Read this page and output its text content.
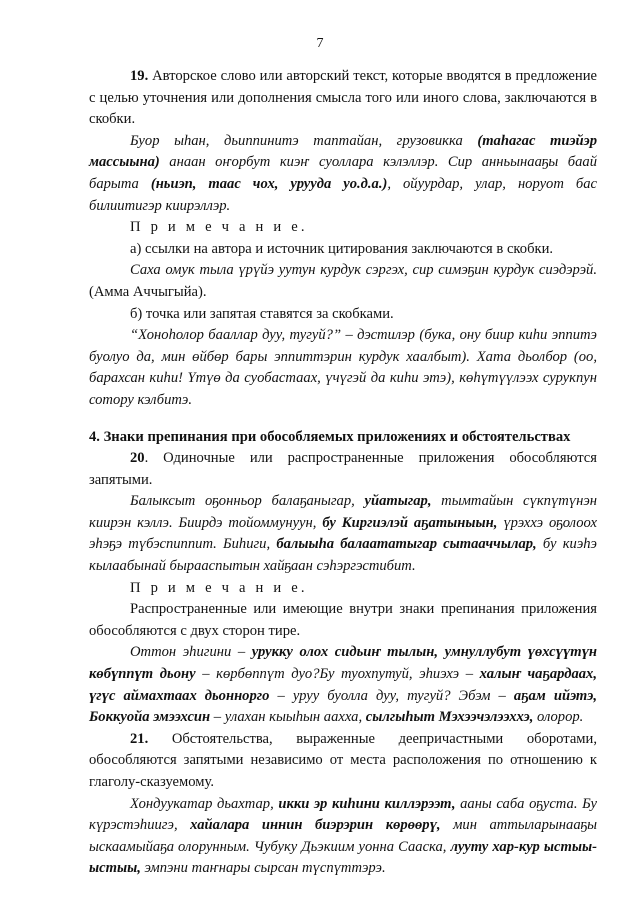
7

19. Авторское слово или авторский текст, которые вводятся в предложение с целью уточнения или дополнения смысла того или иного слова, заключаются в скобки.

Буор ыһан, дьиппинитэ таптайан, грузовикка (таһагас тиэйэр массыына) анаан оҥорбут киэҥ суоллара кэлэллэр. Сир анньынааҕы баай барыта (ньиэп, таас чох, урууда уо.д.а.), ойуурдар, улар, норуот бас билиитигэр киирэллэр.

П р и м е ч а н и е.

а) ссылки на автора и источник цитирования заключаются в скобки.

Саха омук тыла үрүйэ уутун курдук сэргэх, сир симэҕин курдук сиэдэрэй. (Амма Аччыгыйа).

б) точка или запятая ставятся за скобками.

“Хоноһолор бааллар дуу, тугуй?” – дэстилэр (бука, ону биир киһи эппитэ буолуо да, мин өйбөр бары эппиттэрин курдук хаалбыт). Хата дьолбор (оо, барахсан киһи! Үтүө да суобастаах, үчүгэй да киһи этэ), көһүтүүлээх сурукпун сотору кэлбитэ.

4. Знаки препинания при обособляемых приложениях и обстоятельствах

20. Одиночные или распространенные приложения обособляются запятыми.

Балыксыт оҕонньор балаҕаныгар, уйатыгар, тымтайын сүкпүтүнэн киирэн кэллэ. Биирдэ тойоммунуун, бу Киргиэлэй аҕатыныын, үрэххэ оҕолоох эһэҕэ түбэспиппит. Биһиги, балыыһа балаататыгар сытааччылар, бу киэһэ кылаабынай бырааспытын хайҕаан сэһэргэстибит.

П р и м е ч а н и е.

Распространенные или имеющие внутри знаки препинания приложения обособляются с двух сторон тире.

Оттон эһигини – урукку олох сидьиҥ тылын, умнуллубут үөхсүүтүн көбүппүт дьону – көрбөппүт дуо?Бу туохпутуй, эһиэхэ – халыҥ чаҕардаах, үгүс аймахтаах дьоннорго – уруу буолла дуу, тугуй? Эбэм – аҕам ийэтэ, Боккуойа эмээхсин – улахан кыыһын аахха, сылгыһыт Мэхээчэлээххэ, олорор.

21. Обстоятельства, выраженные деепричастными оборотами, обособляются запятыми независимо от места расположения по отношению к глаголу-сказуемому.

Хондуукатар дьахтар, икки эр киһини киллэрээт, ааны саба оҕуста. Бу күрэстэһиигэ, хайалара иннин биэрэрин көрөөрү, мин аттыларынааҕы ыскаамыйаҕа олорунным. Чубуку Дьэкиим уонна Сааска, лууту хар-кур ыстыы-ыстыы, эмпэни таҥнары сырсан түспүттэрэ.
